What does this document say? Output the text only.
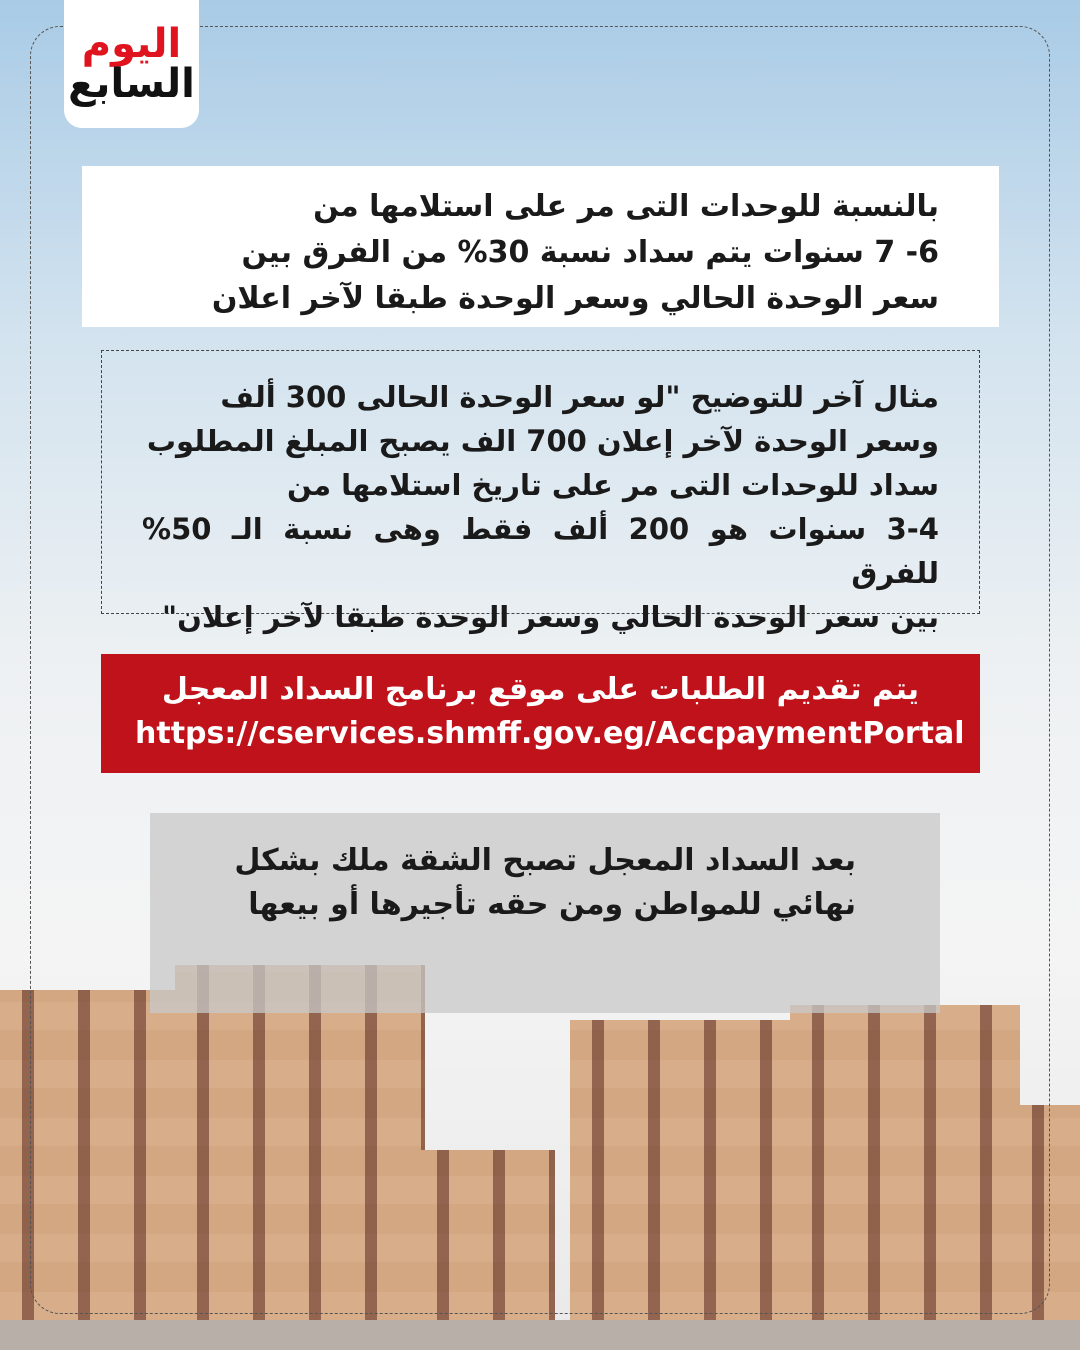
اليوم
السابع
بالنسبة للوحدات التى مر على استلامها من
6- 7 سنوات يتم سداد نسبة 30% من الفرق بين
سعر الوحدة الحالي وسعر الوحدة طبقا لآخر اعلان
مثال آخر للتوضيح "لو سعر الوحدة الحالى 300 ألف
وسعر الوحدة لآخر إعلان 700 الف يصبح المبلغ المطلوب
سداد للوحدات التى مر على تاريخ استلامها من
3-4 سنوات هو 200 ألف فقط وهى نسبة الـ 50% للفرق
بين سعر الوحدة الحالي وسعر الوحدة طبقا لآخر إعلان"
يتم تقديم الطلبات على موقع برنامج السداد المعجل
https://cservices.shmff.gov.eg/AccpaymentPortal
بعد السداد المعجل تصبح الشقة ملك بشكل
نهائي للمواطن ومن حقه تأجيرها أو بيعها
